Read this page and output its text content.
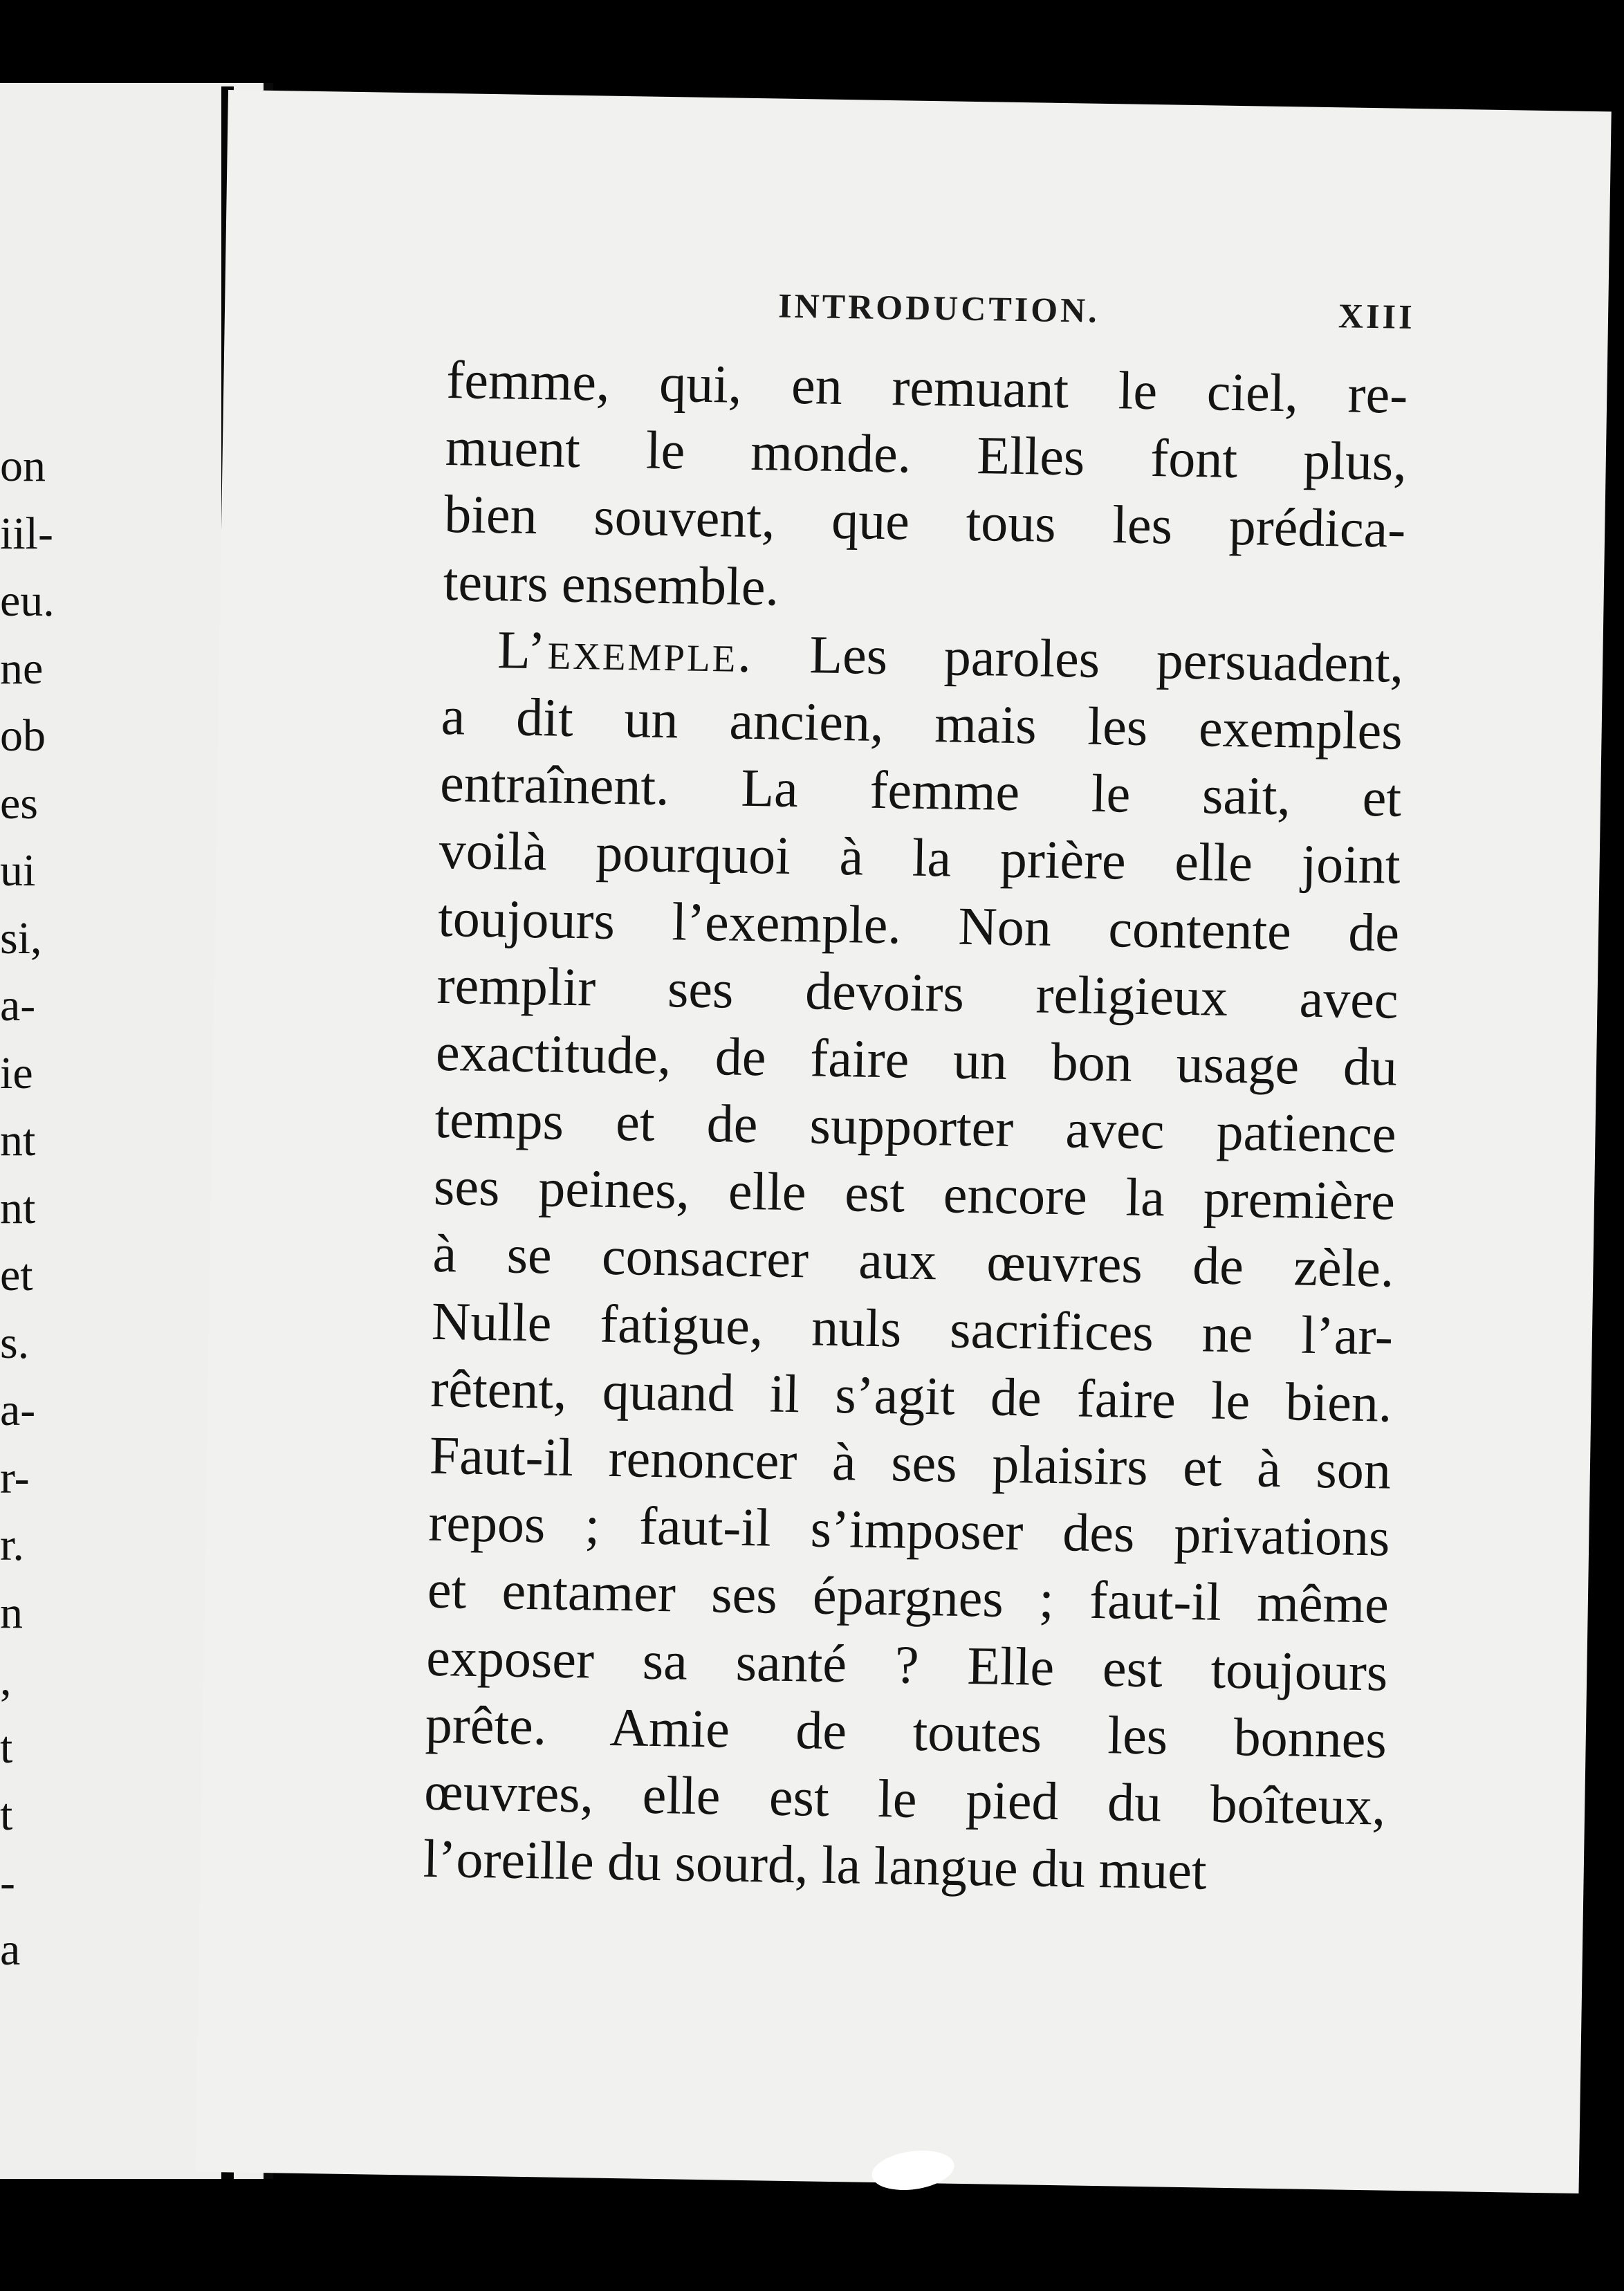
on
iil-
eu.
ne
ob
es
ui
si,
a-
ie
nt
nt
et
s.
a-
r-
r.
n
,
t
t
-
a
INTRODUCTION.	XIII
femme, qui, en remuant le ciel, re-
muent le monde. Elles font plus,
bien souvent, que tous les prédica-
teurs ensemble.
L’exemple. Les paroles persuadent,
a dit un ancien, mais les exemples
entraînent. La femme le sait, et
voilà pourquoi à la prière elle joint
toujours l’exemple. Non contente de
remplir ses devoirs religieux avec
exactitude, de faire un bon usage du
temps et de supporter avec patience
ses peines, elle est encore la première
à se consacrer aux œuvres de zèle.
Nulle fatigue, nuls sacrifices ne l’ar-
rêtent, quand il s’agit de faire le bien.
Faut-il renoncer à ses plaisirs et à son
repos ; faut-il s’imposer des privations
et entamer ses épargnes ; faut-il même
exposer sa santé ? Elle est toujours
prête. Amie de toutes les bonnes
œuvres, elle est le pied du boîteux,
l’oreille du sourd, la langue du muet
